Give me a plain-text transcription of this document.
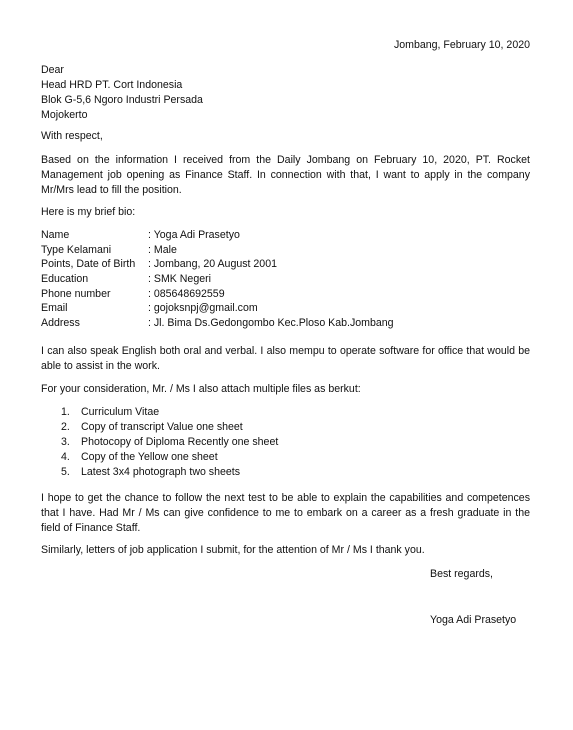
Jombang, February 10, 2020
Dear
Head HRD PT. Cort Indonesia
Blok G-5,6 Ngoro Industri Persada
Mojokerto
With respect,
Based on the information I received from the Daily Jombang on February 10, 2020, PT. Rocket Management job opening as Finance Staff. In connection with that, I want to apply in the company Mr/Mrs lead to fill the position.
Here is my brief bio:
Name	: Yoga Adi Prasetyo
Type Kelamani	: Male
Points, Date of Birth	: Jombang, 20 August 2001
Education	: SMK Negeri
Phone number	: 085648692559
Email	: gojoksnpj@gmail.com
Address	: Jl. Bima Ds.Gedongombo Kec.Ploso Kab.Jombang
I can also speak English both oral and verbal. I also mempu to operate software for office that would be able to assist in the work.
For your consideration, Mr. / Ms I also attach multiple files as berkut:
1.	Curriculum Vitae
2.	Copy of transcript Value one sheet
3.	Photocopy of Diploma Recently one sheet
4.	Copy of the Yellow one sheet
5.	Latest 3x4 photograph two sheets
I hope to get the chance to follow the next test to be able to explain the capabilities and competences that I have. Had Mr / Ms can give confidence to me to embark on a career as a fresh graduate in the field of Finance Staff.
Similarly, letters of job application I submit, for the attention of Mr / Ms I thank you.
Best regards,
Yoga Adi Prasetyo
